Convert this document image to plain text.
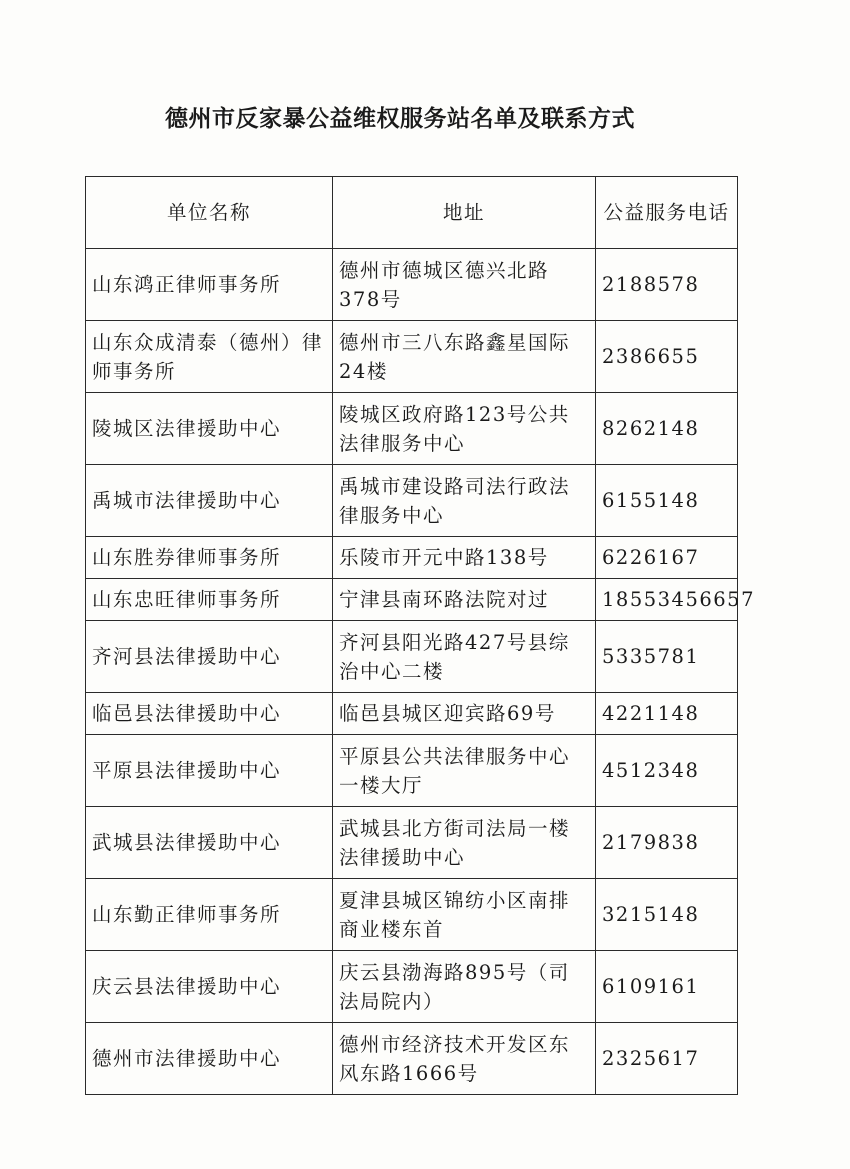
德州市反家暴公益维权服务站名单及联系方式
单位名称	地址	公益服务电话
山东鸿正律师事务所	德州市德城区德兴北路378号	2188578
山东众成清泰（德州）律师事务所	德州市三八东路鑫星国际24楼	2386655
陵城区法律援助中心	陵城区政府路123号公共法律服务中心	8262148
禹城市法律援助中心	禹城市建设路司法行政法律服务中心	6155148
山东胜券律师事务所	乐陵市开元中路138号	6226167
山东忠旺律师事务所	宁津县南环路法院对过	18553456657
齐河县法律援助中心	齐河县阳光路427号县综治中心二楼	5335781
临邑县法律援助中心	临邑县城区迎宾路69号	4221148
平原县法律援助中心	平原县公共法律服务中心一楼大厅	4512348
武城县法律援助中心	武城县北方街司法局一楼法律援助中心	2179838
山东勤正律师事务所	夏津县城区锦纺小区南排商业楼东首	3215148
庆云县法律援助中心	庆云县渤海路895号（司法局院内）	6109161
德州市法律援助中心	德州市经济技术开发区东风东路1666号	2325617
